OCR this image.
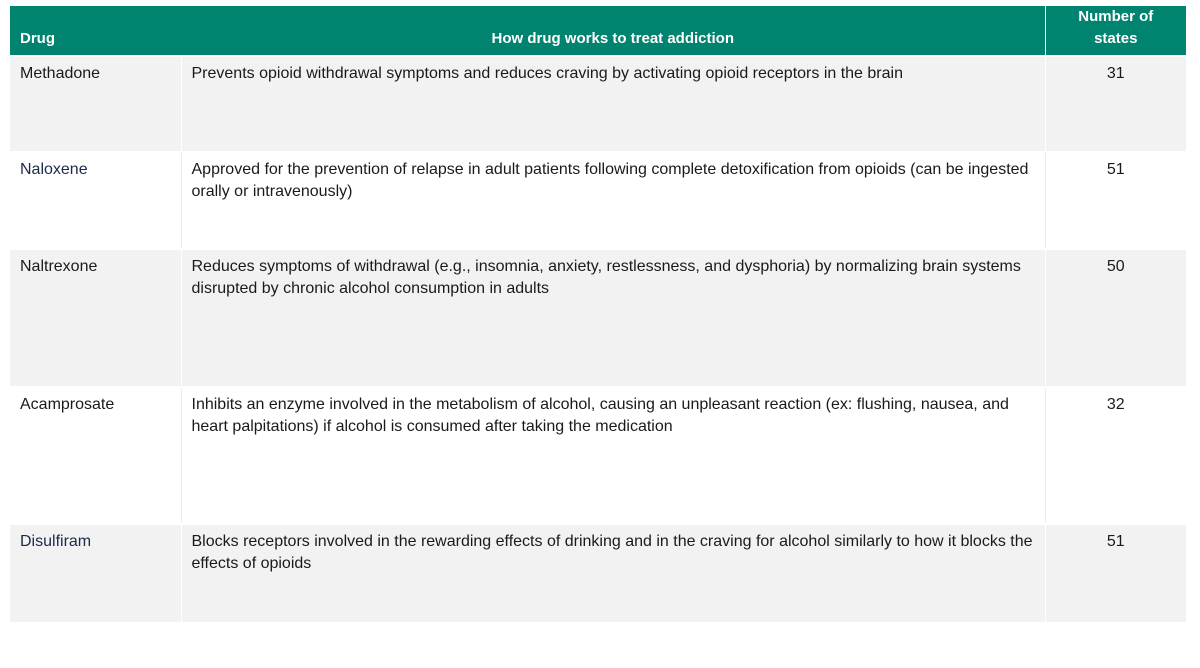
Drug	How drug works to treat addiction	Number of states
Methadone	Prevents opioid withdrawal symptoms and reduces craving by activating opioid receptors in the brain	31
Naloxene	Approved for the prevention of relapse in adult patients following complete detoxification from opioids (can be ingested orally or intravenously)	51
Naltrexone	Reduces symptoms of withdrawal (e.g., insomnia, anxiety, restlessness, and dysphoria) by normalizing brain systems disrupted by chronic alcohol consumption in adults	50
Acamprosate	Inhibits an enzyme involved in the metabolism of alcohol, causing an unpleasant reaction (ex: flushing, nausea, and heart palpitations) if alcohol is consumed after taking the medication	32
Disulfiram	Blocks receptors involved in the rewarding effects of drinking and in the craving for alcohol similarly to how it blocks the effects of opioids	51
